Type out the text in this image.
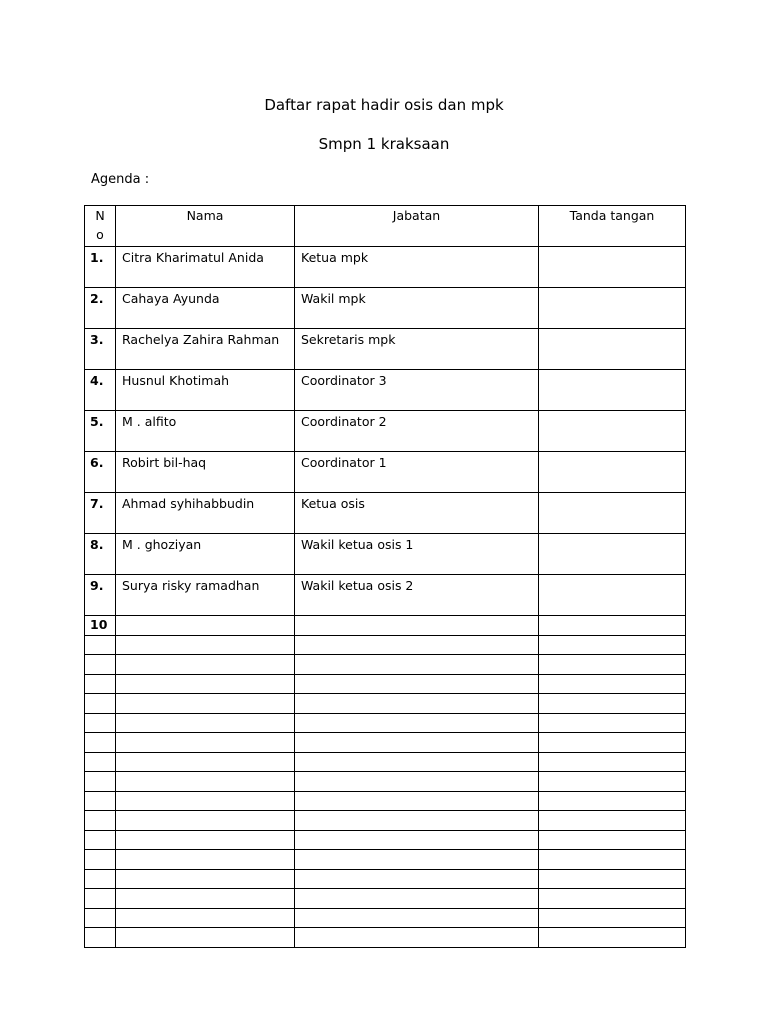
Daftar rapat hadir osis dan mpk
Smpn 1 kraksaan
Agenda :
N
o	Nama	Jabatan	Tanda tangan
1.	Citra Kharimatul Anida	Ketua mpk	
2.	Cahaya Ayunda	Wakil mpk	
3.	Rachelya Zahira Rahman	Sekretaris mpk	
4.	Husnul Khotimah	Coordinator 3	
5.	M . alfito	Coordinator 2	
6.	Robirt bil-haq	Coordinator 1	
7.	Ahmad syhihabbudin	Ketua osis	
8.	M . ghoziyan	Wakil ketua osis 1	
9.	Surya risky ramadhan	Wakil ketua osis 2	
10			
